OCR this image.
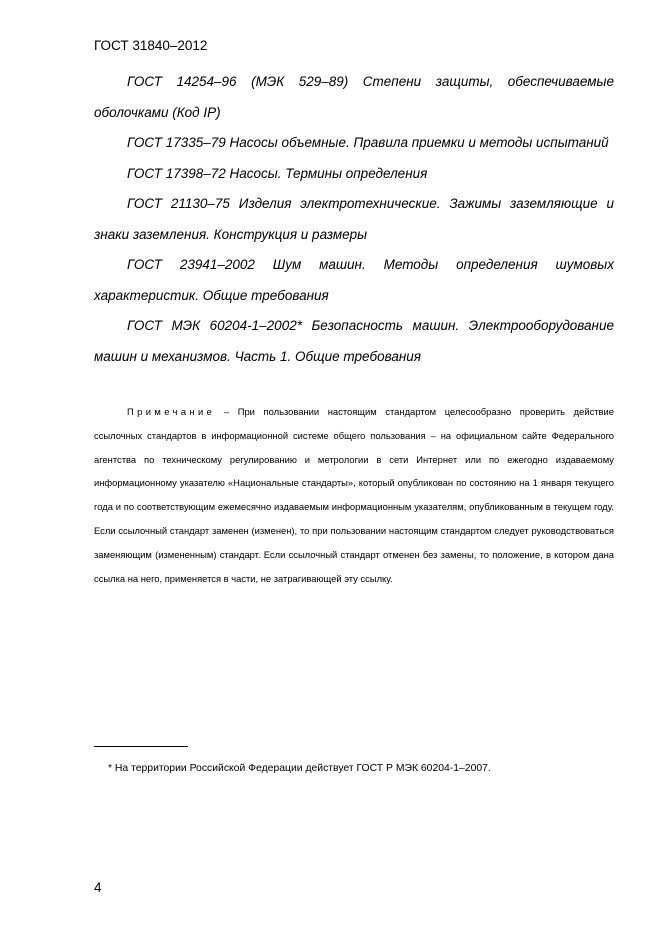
ГОСТ 31840–2012

ГОСТ 14254–96 (МЭК 529–89) Степени защиты, обеспечиваемые оболочками (Код IP)

ГОСТ 17335–79 Насосы объемные. Правила приемки и методы испытаний

ГОСТ 17398–72 Насосы. Термины определения

ГОСТ 21130–75 Изделия электротехнические. Зажимы заземляющие и знаки заземления. Конструкция и размеры

ГОСТ 23941–2002 Шум машин. Методы определения шумовых характеристик. Общие требования

ГОСТ МЭК 60204-1–2002* Безопасность машин. Электрооборудование машин и механизмов. Часть 1. Общие требования

Примечание – При пользовании настоящим стандартом целесообразно проверить действие ссылочных стандартов в информационной системе общего пользования – на официальном сайте Федерального агентства по техническому регулированию и метрологии в сети Интернет или по ежегодно издаваемому информационному указателю «Национальные стандарты», который опубликован по состоянию на 1 января текущего года и по соответствующим ежемесячно издаваемым информационным указателям, опубликованным в текущем году. Если ссылочный стандарт заменен (изменен), то при пользовании настоящим стандартом следует руководствоваться заменяющим (измененным) стандарт. Если ссылочный стандарт отменен без замены, то положение, в котором дана ссылка на него, применяется в части, не затрагивающей эту ссылку.

* На территории Российской Федерации действует ГОСТ Р МЭК 60204-1–2007.
4
